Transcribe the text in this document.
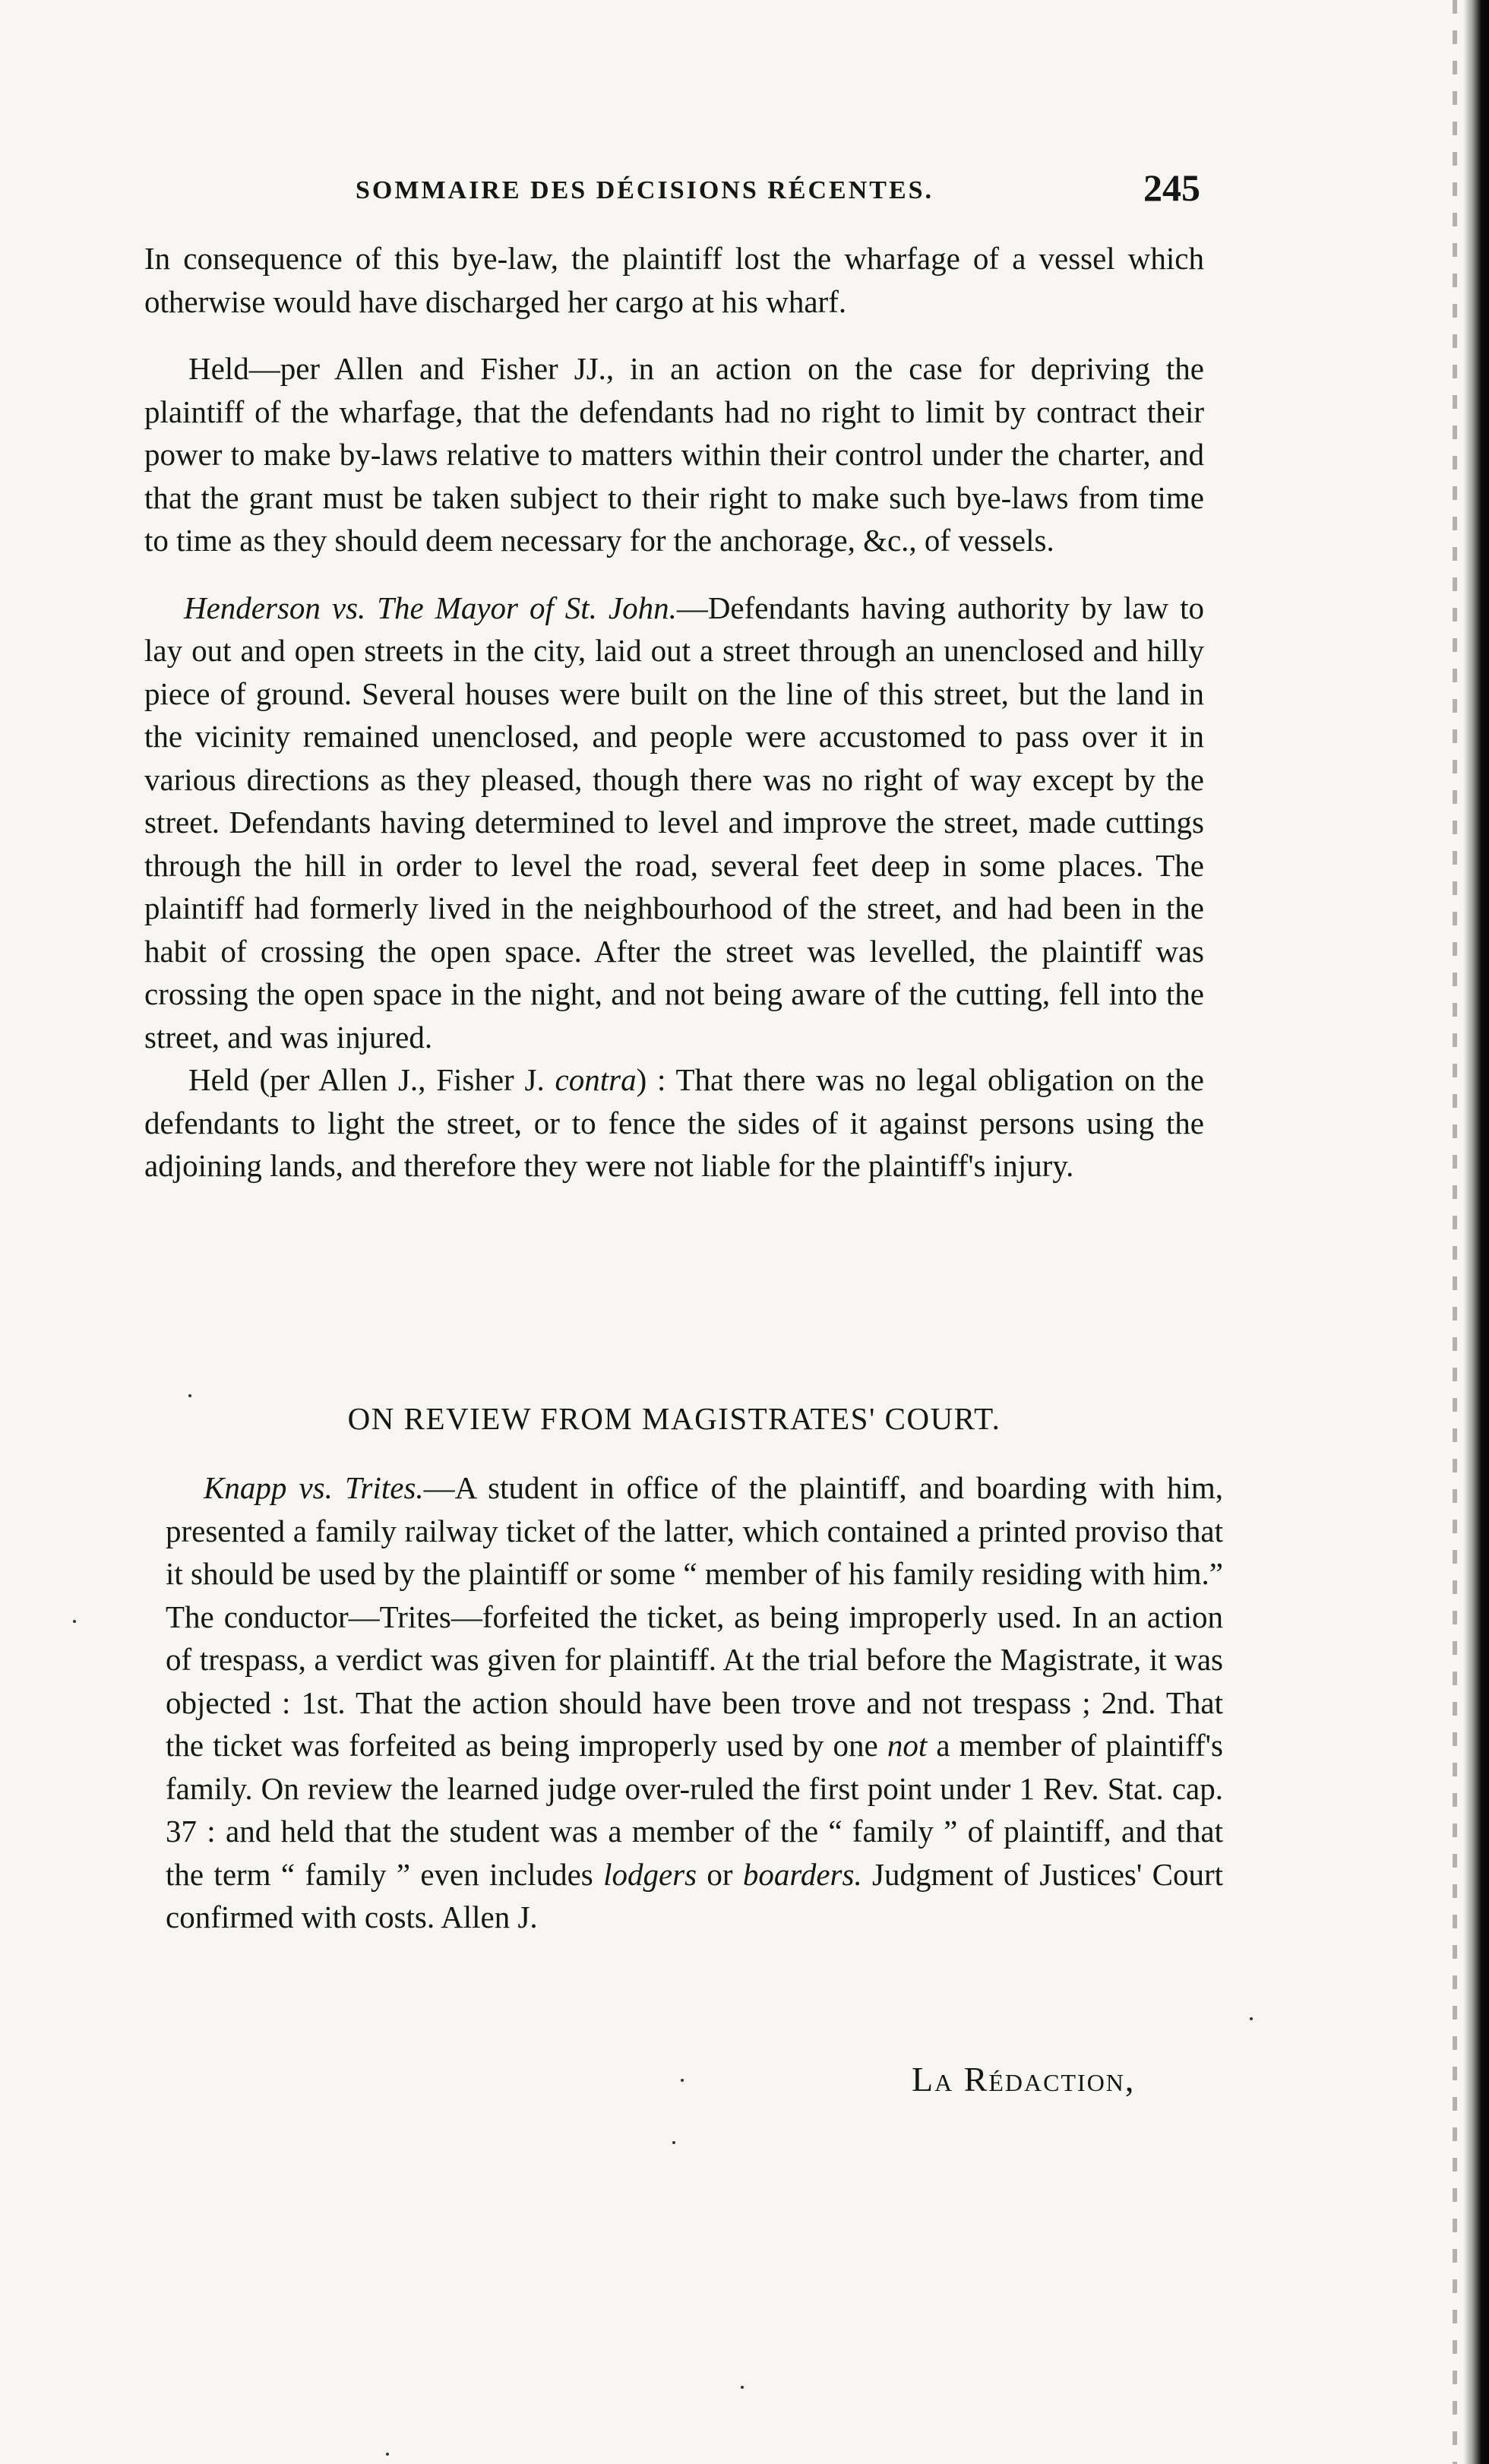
SOMMAIRE DES DÉCISIONS RÉCENTES.	245

In consequence of this bye-law, the plaintiff lost the wharfage of a vessel which otherwise would have discharged her cargo at his wharf.

Held—per Allen and Fisher JJ., in an action on the case for depriving the plaintiff of the wharfage, that the defendants had no right to limit by contract their power to make by-laws relative to matters within their control under the charter, and that the grant must be taken subject to their right to make such bye-laws from time to time as they should deem necessary for the anchorage, &c., of vessels.

Henderson vs. The Mayor of St. John.—Defendants having authority by law to lay out and open streets in the city, laid out a street through an unenclosed and hilly piece of ground. Several houses were built on the line of this street, but the land in the vicinity remained unenclosed, and people were accustomed to pass over it in various directions as they pleased, though there was no right of way except by the street. Defendants having determined to level and improve the street, made cuttings through the hill in order to level the road, several feet deep in some places. The plaintiff had formerly lived in the neighbourhood of the street, and had been in the habit of crossing the open space. After the street was levelled, the plaintiff was crossing the open space in the night, and not being aware of the cutting, fell into the street, and was injured.

Held (per Allen J., Fisher J. contra) : That there was no legal obligation on the defendants to light the street, or to fence the sides of it against persons using the adjoining lands, and therefore they were not liable for the plaintiff's injury.

ON REVIEW FROM MAGISTRATES' COURT.

Knapp vs. Trites.—A student in office of the plaintiff, and boarding with him, presented a family railway ticket of the latter, which contained a printed proviso that it should be used by the plaintiff or some “ member of his family residing with him.” The conductor—Trites—forfeited the ticket, as being improperly used. In an action of trespass, a verdict was given for plaintiff. At the trial before the Magistrate, it was objected : 1st. That the action should have been trove and not trespass ; 2nd. That the ticket was forfeited as being improperly used by one not a member of plaintiff's family. On review the learned judge over-ruled the first point under 1 Rev. Stat. cap. 37 : and held that the student was a member of the “ family ” of plaintiff, and that the term “ family ” even includes lodgers or boarders. Judgment of Justices' Court confirmed with costs. Allen J.

La Rédaction,
